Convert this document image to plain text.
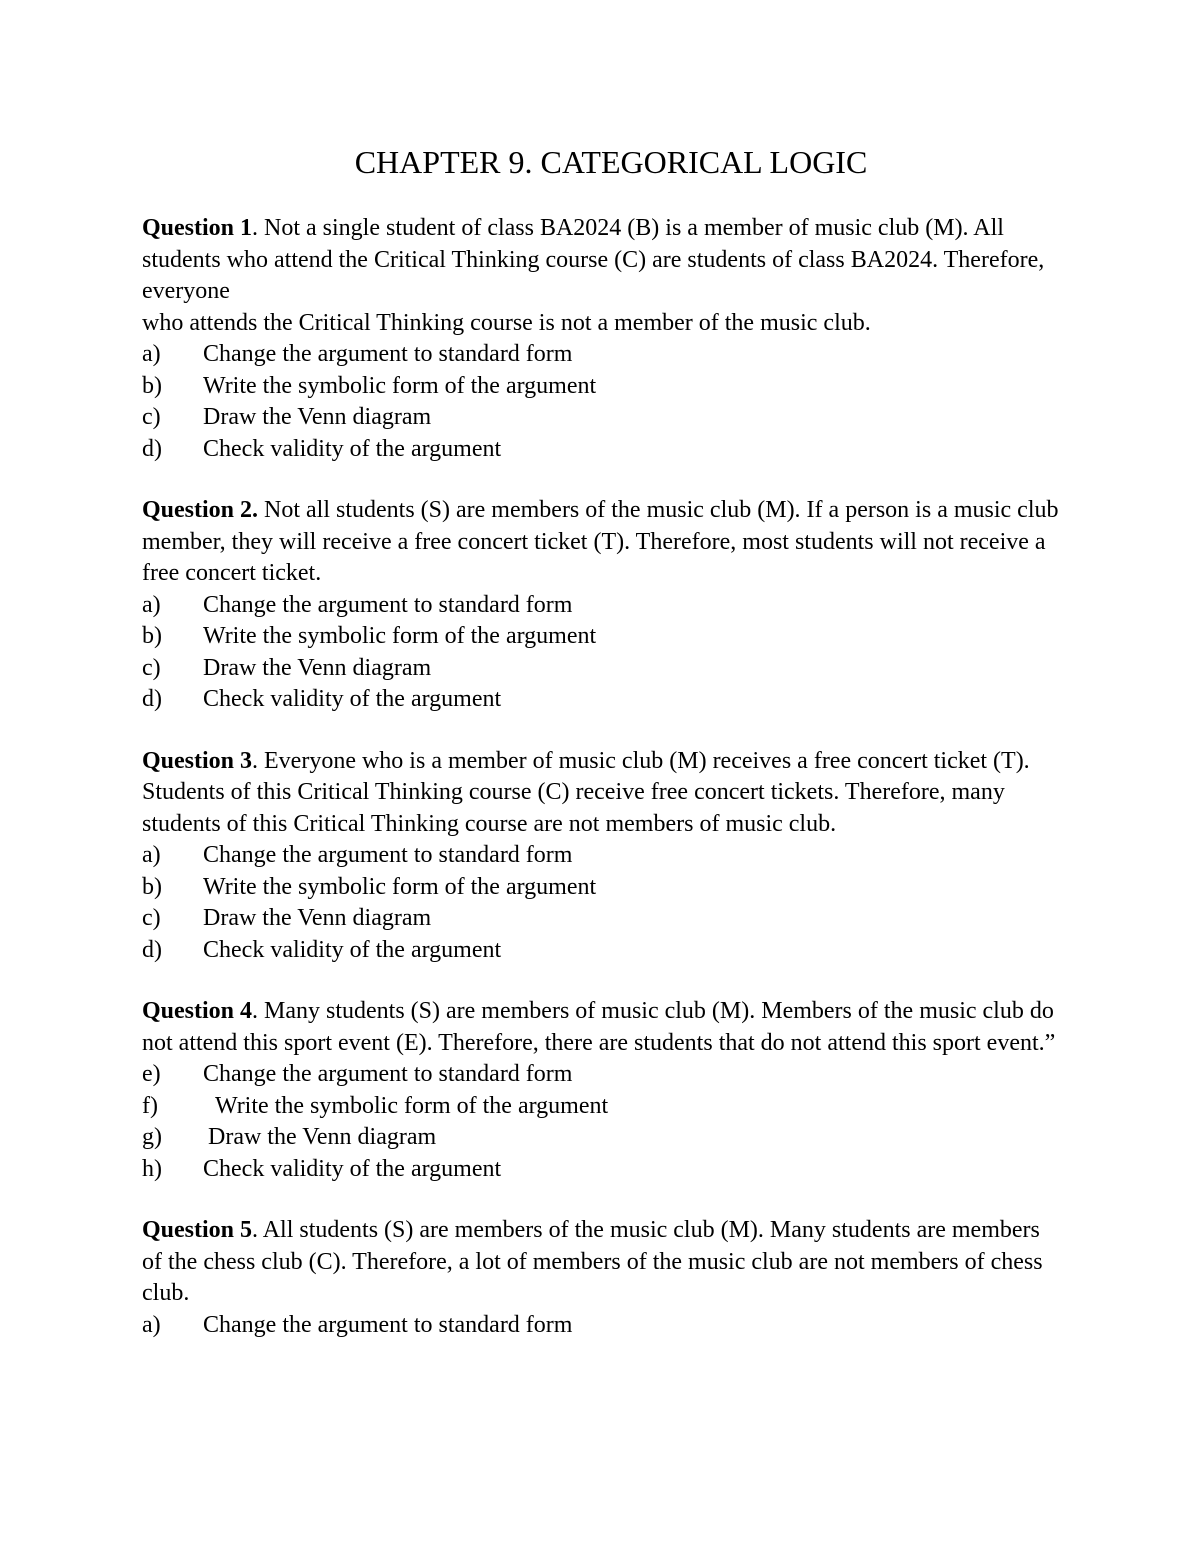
CHAPTER 9. CATEGORICAL LOGIC

Question 1. Not a single student of class BA2024 (B) is a member of music club (M). All students who attend the Critical Thinking course (C) are students of class BA2024. Therefore, everyone
who attends the Critical Thinking course is not a member of the music club.

a)	Change the argument to standard form
b)	Write the symbolic form of the argument
c)	Draw the Venn diagram
d)	Check validity of the argument

Question 2. Not all students (S) are members of the music club (M). If a person is a music club member, they will receive a free concert ticket (T). Therefore, most students will not receive a free concert ticket.

a)	Change the argument to standard form
b)	Write the symbolic form of the argument
c)	Draw the Venn diagram
d)	Check validity of the argument

Question 3. Everyone who is a member of music club (M) receives a free concert ticket (T). Students of this Critical Thinking course (C) receive free concert tickets. Therefore, many students of this Critical Thinking course are not members of music club.

a)	Change the argument to standard form
b)	Write the symbolic form of the argument
c)	Draw the Venn diagram
d)	Check validity of the argument

Question 4. Many students (S) are members of music club (M). Members of the music club do not attend this sport event (E). Therefore, there are students that do not attend this sport event.”

e)	Change the argument to standard form
f)	Write the symbolic form of the argument
g)	Draw the Venn diagram
h)	Check validity of the argument

Question 5. All students (S) are members of the music club (M). Many students are members of the chess club (C). Therefore, a lot of members of the music club are not members of chess club.

a)	Change the argument to standard form
